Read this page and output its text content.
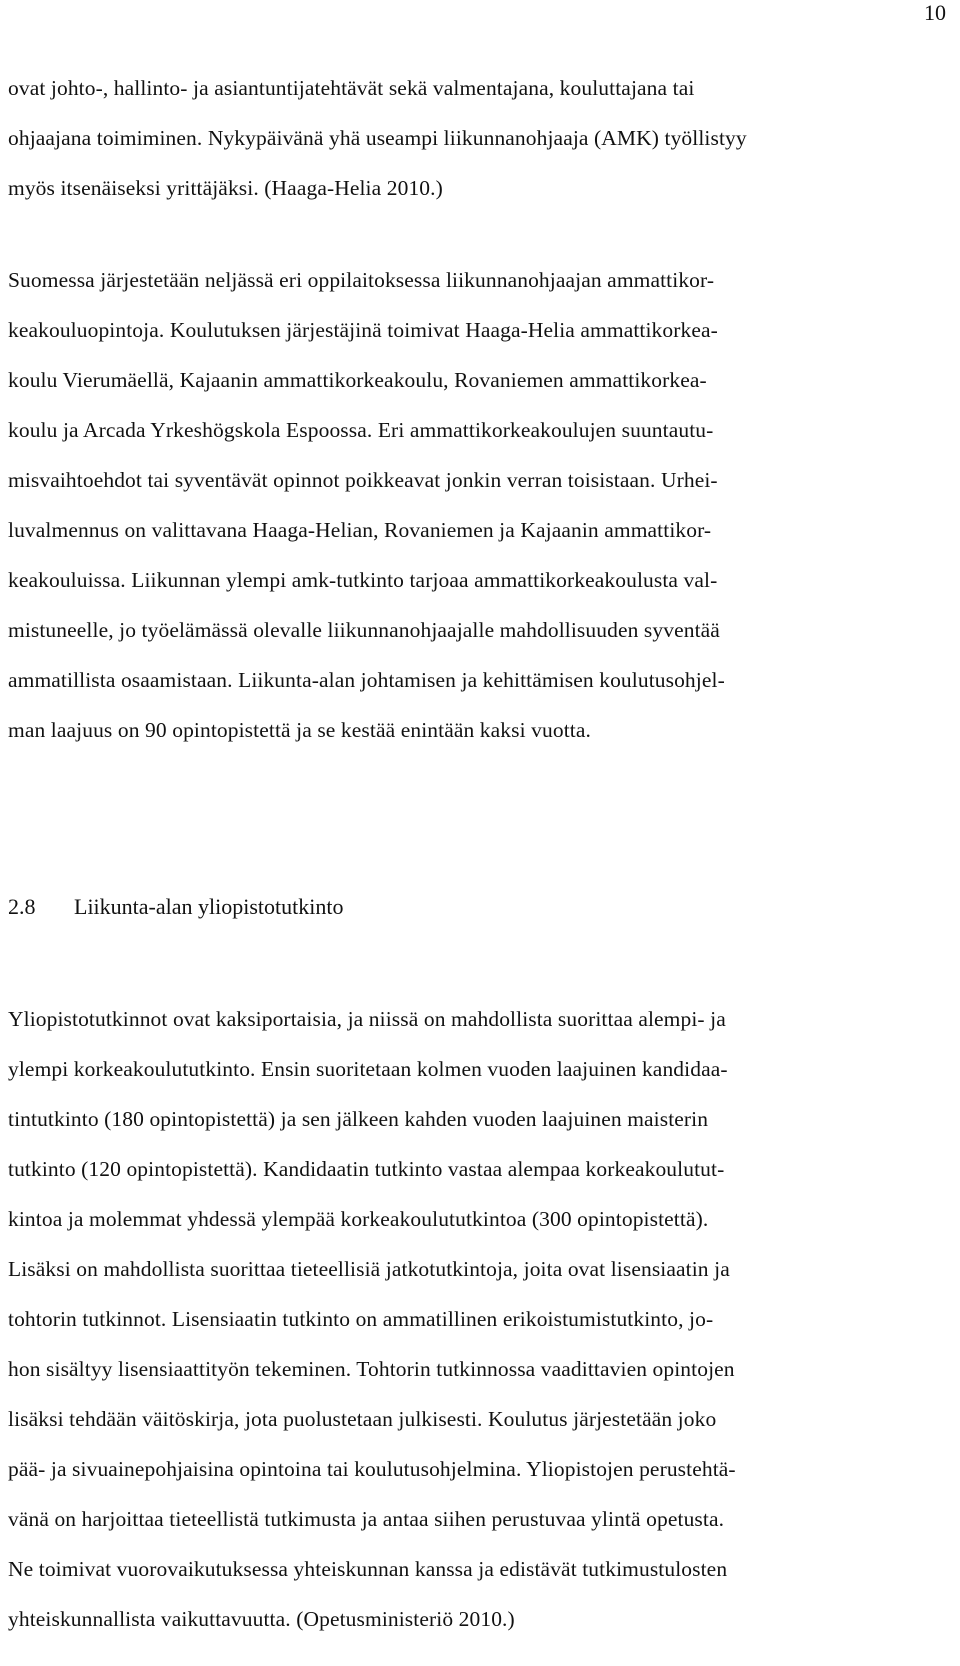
10
ovat johto-, hallinto- ja asiantuntijatehtävät sekä valmentajana, kouluttajana tai
ohjaajana toimiminen. Nykypäivänä yhä useampi liikunnanohjaaja (AMK) työllistyy
myös itsenäiseksi yrittäjäksi. (Haaga-Helia 2010.)
Suomessa järjestetään neljässä eri oppilaitoksessa liikunnanohjaajan ammattikor-
keakouluopintoja. Koulutuksen järjestäjinä toimivat Haaga-Helia ammattikorkea-
koulu Vierumäellä, Kajaanin ammattikorkeakoulu, Rovaniemen ammattikorkea-
koulu ja Arcada Yrkeshögskola Espoossa. Eri ammattikorkeakoulujen suuntautu-
misvaihtoehdot tai syventävät opinnot poikkeavat jonkin verran toisistaan. Urhei-
luvalmennus on valittavana Haaga-Helian, Rovaniemen ja Kajaanin ammattikor-
keakouluissa. Liikunnan ylempi amk-tutkinto tarjoaa ammattikorkeakoulusta val-
mistuneelle, jo työelämässä olevalle liikunnanohjaajalle mahdollisuuden syventää
ammatillista osaamistaan. Liikunta-alan johtamisen ja kehittämisen koulutusohjel-
man laajuus on 90 opintopistettä ja se kestää enintään kaksi vuotta.
2.8 Liikunta-alan yliopistotutkinto
Yliopistotutkinnot ovat kaksiportaisia, ja niissä on mahdollista suorittaa alempi- ja
ylempi korkeakoulututkinto. Ensin suoritetaan kolmen vuoden laajuinen kandidaa-
tintutkinto (180 opintopistettä) ja sen jälkeen kahden vuoden laajuinen maisterin
tutkinto (120 opintopistettä). Kandidaatin tutkinto vastaa alempaa korkeakoulutut-
kintoa ja molemmat yhdessä ylempää korkeakoulututkintoa (300 opintopistettä).
Lisäksi on mahdollista suorittaa tieteellisiä jatkotutkintoja, joita ovat lisensiaatin ja
tohtorin tutkinnot. Lisensiaatin tutkinto on ammatillinen erikoistumistutkinto, jo-
hon sisältyy lisensiaattityön tekeminen. Tohtorin tutkinnossa vaadittavien opintojen
lisäksi tehdään väitöskirja, jota puolustetaan julkisesti. Koulutus järjestetään joko
pää- ja sivuainepohjaisina opintoina tai koulutusohjelmina. Yliopistojen perustehtä-
vänä on harjoittaa tieteellistä tutkimusta ja antaa siihen perustuvaa ylintä opetusta.
Ne toimivat vuorovaikutuksessa yhteiskunnan kanssa ja edistävät tutkimustulosten
yhteiskunnallista vaikuttavuutta. (Opetusministeriö 2010.)
